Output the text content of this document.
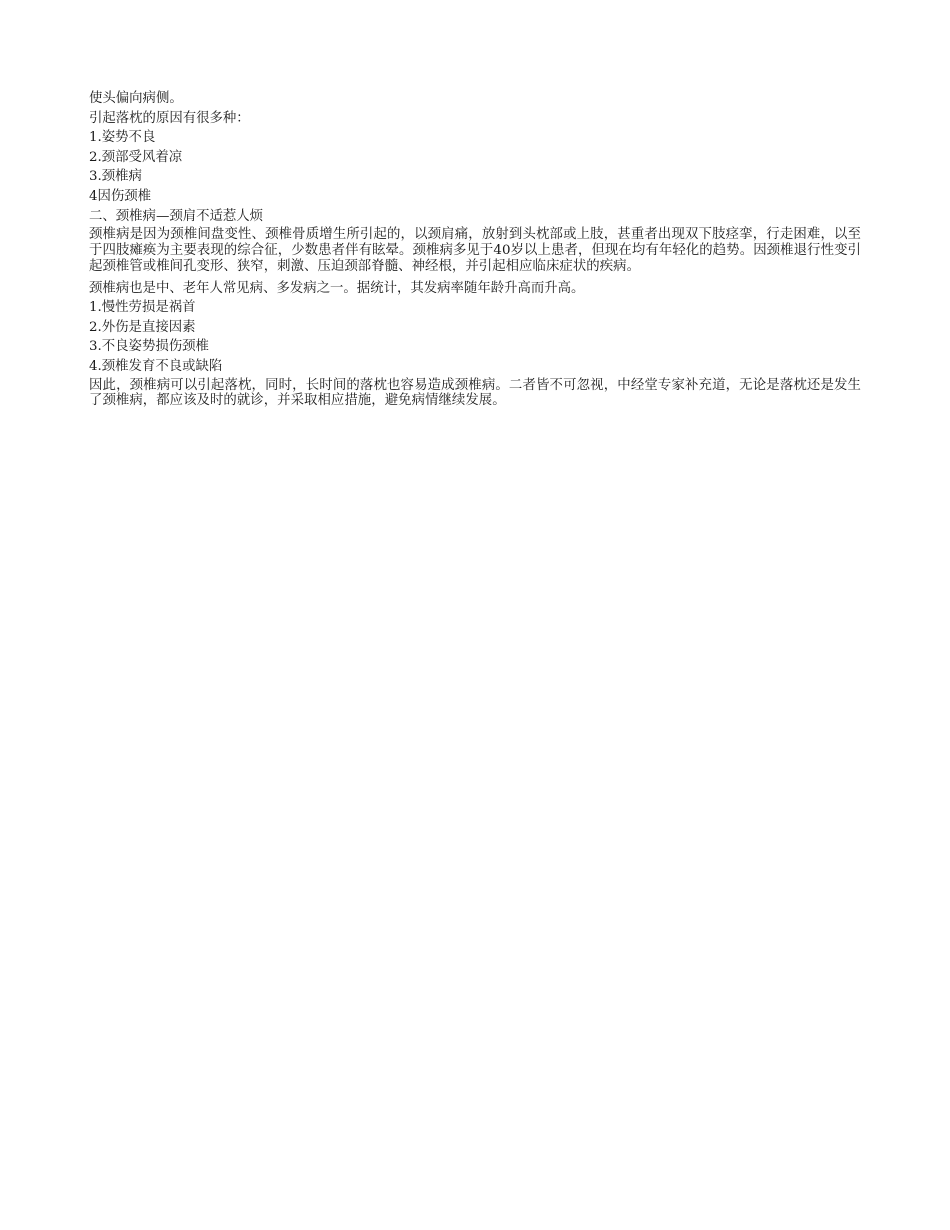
使头偏向病侧。

引起落枕的原因有很多种：

1.姿势不良

2.颈部受风着凉

3.颈椎病

4因伤颈椎

二、颈椎病—颈肩不适惹人烦

颈椎病是因为颈椎间盘变性、颈椎骨质增生所引起的，以颈肩痛，放射到头枕部或上肢，甚重者出现双下肢痉挛，行走困难，以至于四肢瘫痪为主要表现的综合征，少数患者伴有眩晕。颈椎病多见于40岁以上患者，但现在均有年轻化的趋势。因颈椎退行性变引起颈椎管或椎间孔变形、狭窄，刺激、压迫颈部脊髓、神经根，并引起相应临床症状的疾病。

颈椎病也是中、老年人常见病、多发病之一。据统计，其发病率随年龄升高而升高。

1.慢性劳损是祸首

2.外伤是直接因素

3.不良姿势损伤颈椎

4.颈椎发育不良或缺陷

因此，颈椎病可以引起落枕，同时，长时间的落枕也容易造成颈椎病。二者皆不可忽视，中经堂专家补充道，无论是落枕还是发生了颈椎病，都应该及时的就诊，并采取相应措施，避免病情继续发展。
